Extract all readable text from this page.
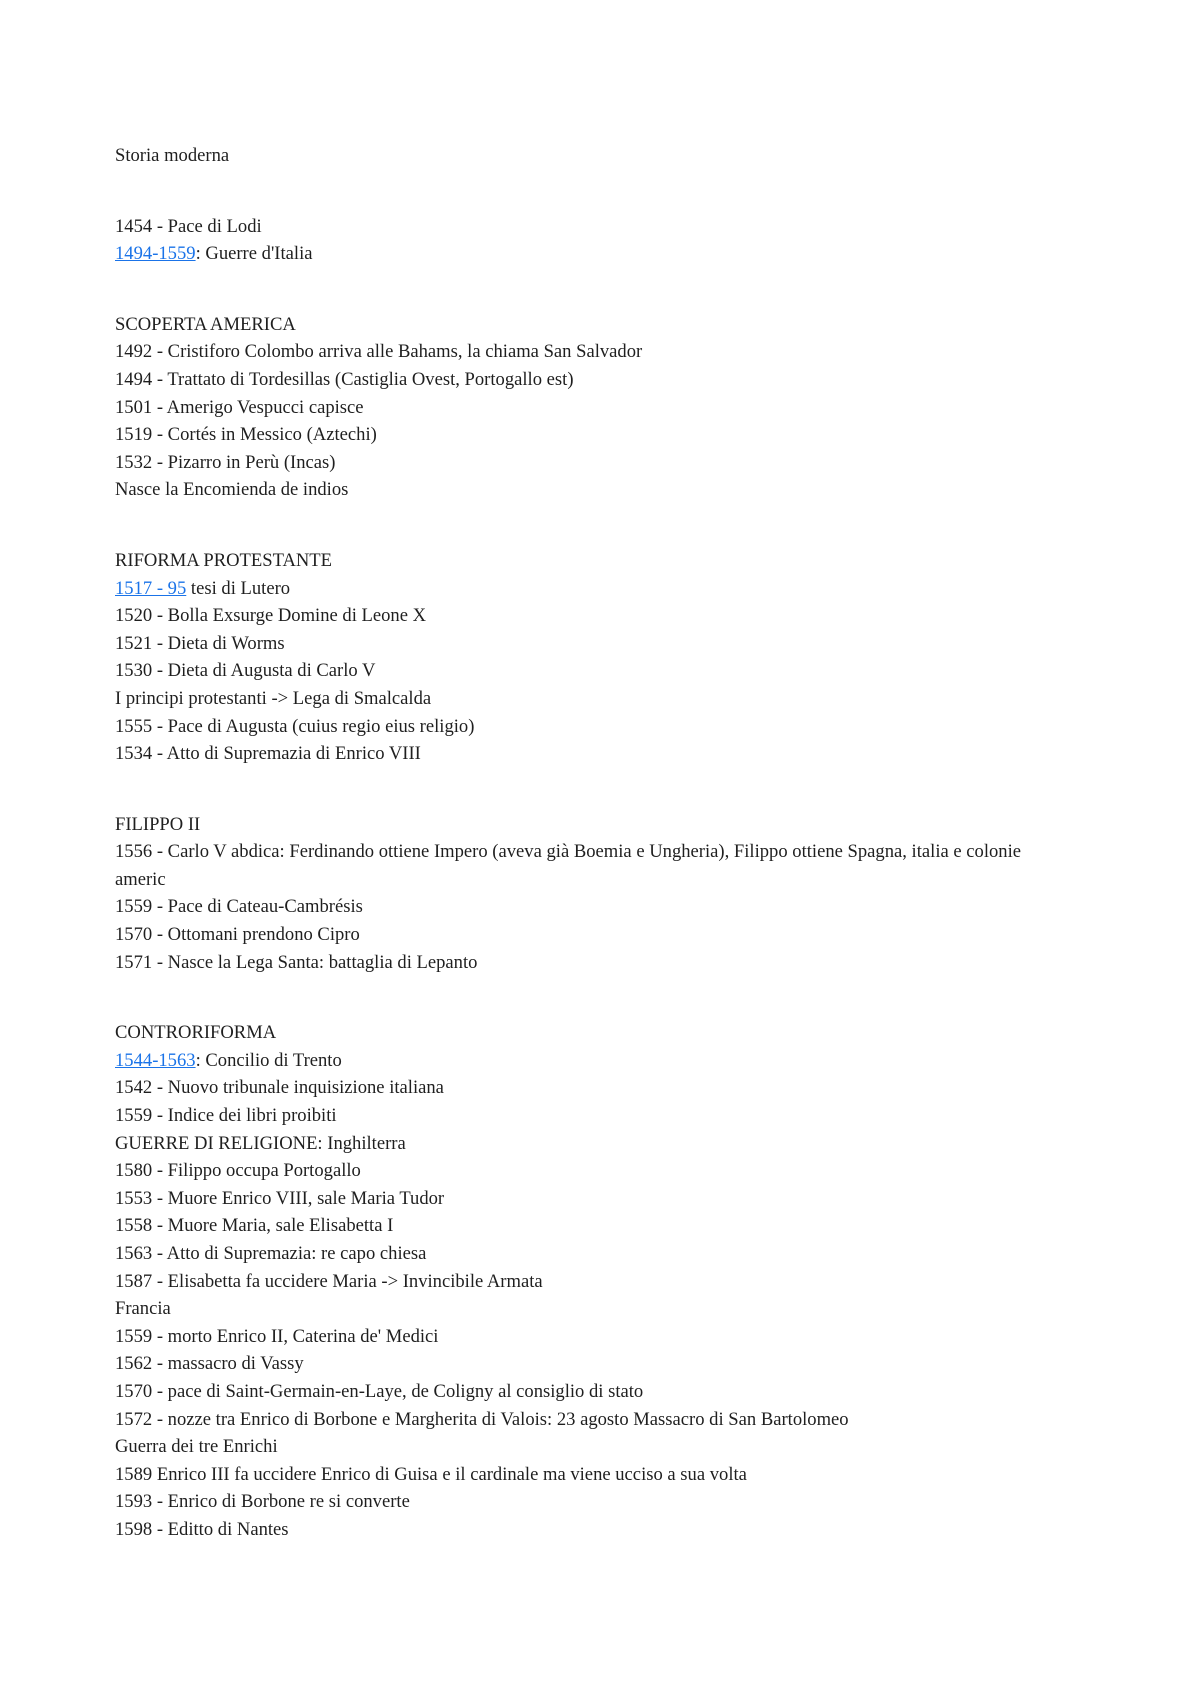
Storia moderna
1454 - Pace di Lodi
1494-1559: Guerre d'Italia
SCOPERTA AMERICA
1492 - Cristiforo Colombo arriva alle Bahams, la chiama San Salvador
1494 - Trattato di Tordesillas (Castiglia Ovest, Portogallo est)
1501 - Amerigo Vespucci capisce
1519 - Cortés in Messico (Aztechi)
1532 - Pizarro in Perù (Incas)
Nasce la Encomienda de indios
RIFORMA PROTESTANTE
1517 - 95 tesi di Lutero
1520 - Bolla Exsurge Domine di Leone X
1521 - Dieta di Worms
1530 - Dieta di Augusta di Carlo V
I principi protestanti -> Lega di Smalcalda
1555 - Pace di Augusta (cuius regio eius religio)
1534 - Atto di Supremazia di Enrico VIII
FILIPPO II
1556 - Carlo V abdica: Ferdinando ottiene Impero (aveva già Boemia e Ungheria), Filippo ottiene Spagna, italia e colonie americ
1559 - Pace di Cateau-Cambrésis
1570 - Ottomani prendono Cipro
1571 - Nasce la Lega Santa: battaglia di Lepanto
CONTRORIFORMA
1544-1563: Concilio di Trento
1542 - Nuovo tribunale inquisizione italiana
1559 - Indice dei libri proibiti
GUERRE DI RELIGIONE: Inghilterra
1580 - Filippo occupa Portogallo
1553 - Muore Enrico VIII, sale Maria Tudor
1558 - Muore Maria, sale Elisabetta I
1563 - Atto di Supremazia: re capo chiesa
1587 - Elisabetta fa uccidere Maria -> Invincibile Armata
Francia
1559 - morto Enrico II, Caterina de' Medici
1562 - massacro di Vassy
1570 - pace di Saint-Germain-en-Laye, de Coligny al consiglio di stato
1572 - nozze tra Enrico di Borbone e Margherita di Valois: 23 agosto Massacro di San Bartolomeo
Guerra dei tre Enrichi
1589 Enrico III fa uccidere Enrico di Guisa e il cardinale ma viene ucciso a sua volta
1593 - Enrico di Borbone re si converte
1598 - Editto di Nantes
